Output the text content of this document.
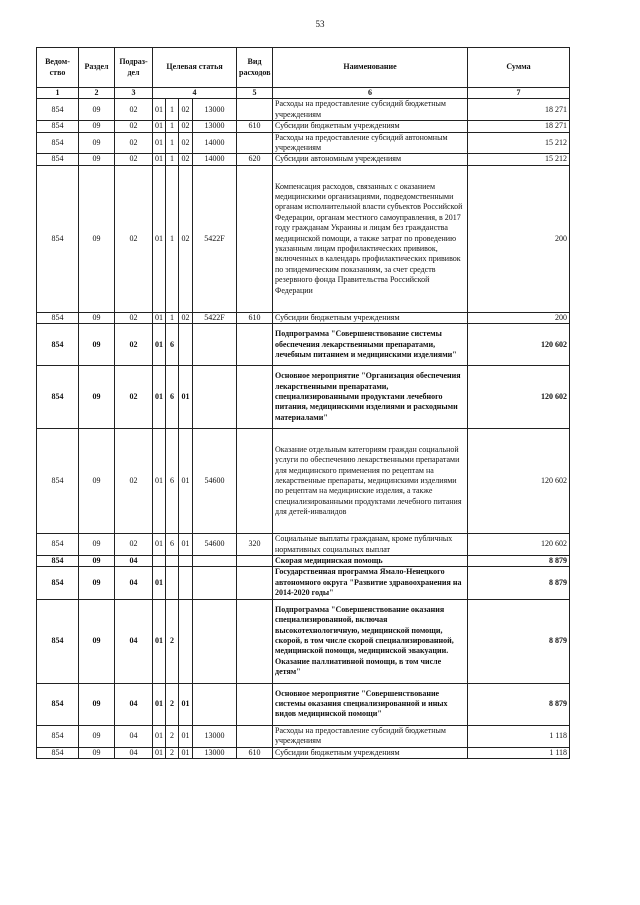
53
Ведом-ство	Раздел	Подраз-дел	Целевая статья				Вид расходов	Наименование	Сумма
1	2	3	4				5	6	7
854	09	02	01	1	02	13000		Расходы на предоставление субсидий бюджетным учреждениям	18 271
854	09	02	01	1	02	13000	610	Субсидии бюджетным учреждениям	18 271
854	09	02	01	1	02	14000		Расходы на предоставление субсидий автономным учреждениям	15 212
854	09	02	01	1	02	14000	620	Субсидии автономным учреждениям	15 212
854	09	02	01	1	02	5422F		Компенсация расходов, связанных с оказанием медицинскими организациями, подведомственными органам исполнительной власти субъектов Российской Федерации, органам местного самоуправления, в 2017 году гражданам Украины и лицам без гражданства медицинской помощи, а также затрат по проведению указанным лицам профилактических прививок, включенных в календарь профилактических прививок по эпидемическим показаниям, за счет средств резервного фонда Правительства Российской Федерации	200
854	09	02	01	1	02	5422F	610	Субсидии бюджетным учреждениям	200
854	09	02	01	6				Подпрограмма "Совершенствование системы обеспечения лекарственными препаратами, лечебным питанием и медицинскими изделиями"	120 602
854	09	02	01	6	01			Основное мероприятие "Организация обеспечения лекарственными препаратами, специализированными продуктами лечебного питания, медицинскими изделиями и расходными материалами"	120 602
854	09	02	01	6	01	54600		Оказание отдельным категориям граждан социальной услуги по обеспечению лекарственными препаратами для медицинского применения по рецептам на лекарственные препараты, медицинскими изделиями по рецептам на медицинские изделия, а также специализированными продуктами лечебного питания для детей-инвалидов	120 602
854	09	02	01	6	01	54600	320	Социальные выплаты гражданам, кроме публичных нормативных социальных выплат	120 602
854	09	04						Скорая медицинская помощь	8 879
854	09	04	01					Государственная программа Ямало-Ненецкого автономного округа "Развитие здравоохранения на 2014-2020 годы"	8 879
854	09	04	01	2				Подпрограмма "Совершенствование оказания специализированной, включая высокотехнологичную, медицинской помощи, скорой, в том числе скорой специализированной, медицинской помощи, медицинской эвакуации. Оказание паллиативной помощи, в том числе детям"	8 879
854	09	04	01	2	01			Основное мероприятие "Совершенствование системы оказания специализированной и иных видов медицинской помощи"	8 879
854	09	04	01	2	01	13000		Расходы на предоставление субсидий бюджетным учреждениям	1 118
854	09	04	01	2	01	13000	610	Субсидии бюджетным учреждениям	1 118
